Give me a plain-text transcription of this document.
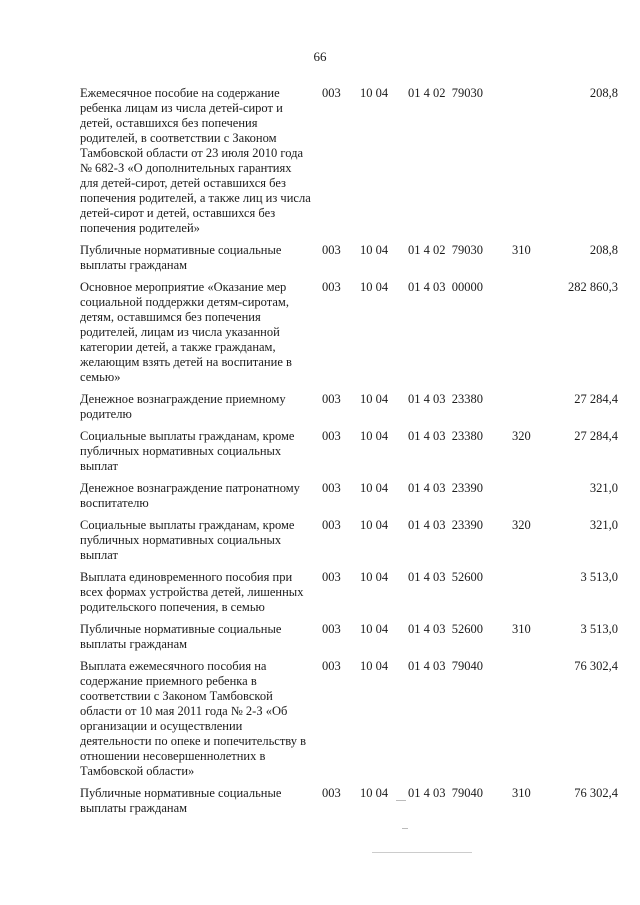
66
Ежемесячное пособие на содержание ребенка лицам из числа детей-сирот и детей, оставшихся без попечения родителей, в соответствии с Законом Тамбовской области от 23 июля 2010 года № 682-З «О дополнительных гарантиях для детей-сирот, детей оставшихся без попечения родителей, а также лиц из числа детей-сирот и детей, оставшихся без попечения родителей»	003	10 04	01 4 02  79030		208,8
Публичные нормативные социальные выплаты гражданам	003	10 04	01 4 02  79030	310	208,8
Основное мероприятие «Оказание мер социальной поддержки детям-сиротам, детям, оставшимся без попечения родителей, лицам из числа указанной категории детей, а также гражданам, желающим взять детей на воспитание в семью»	003	10 04	01 4 03  00000		282 860,3
Денежное вознаграждение приемному родителю	003	10 04	01 4 03  23380		27 284,4
Социальные выплаты гражданам, кроме публичных нормативных социальных выплат	003	10 04	01 4 03  23380	320	27 284,4
Денежное вознаграждение патронатному воспитателю	003	10 04	01 4 03  23390		321,0
Социальные выплаты гражданам, кроме публичных нормативных социальных выплат	003	10 04	01 4 03  23390	320	321,0
Выплата единовременного пособия при всех формах устройства детей, лишенных родительского попечения, в семью	003	10 04	01 4 03  52600		3 513,0
Публичные нормативные социальные выплаты гражданам	003	10 04	01 4 03  52600	310	3 513,0
Выплата ежемесячного пособия на содержание приемного ребенка в соответствии с Законом Тамбовской области от 10 мая 2011 года № 2-З «Об организации и осуществлении деятельности по опеке и попечительству в отношении несовершеннолетних в Тамбовской области»	003	10 04	01 4 03  79040		76 302,4
Публичные нормативные социальные выплаты гражданам	003	10 04	01 4 03  79040	310	76 302,4
